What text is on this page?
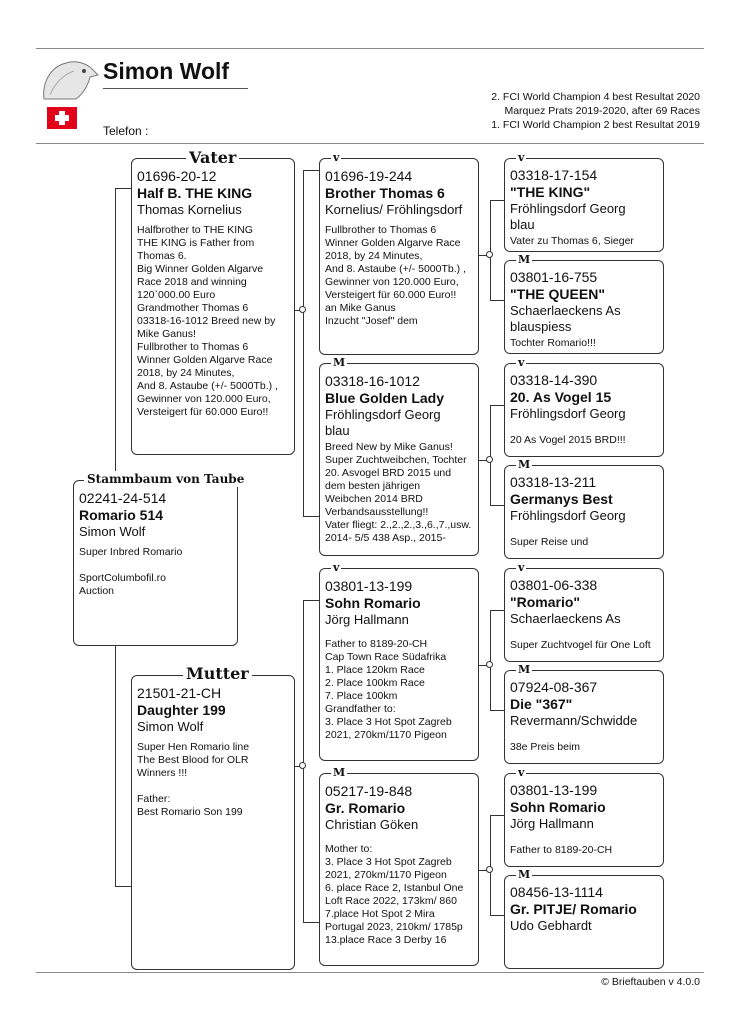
Simon Wolf
Telefon :
2. FCI World Champion 4 best Resultat 2020
Marquez Prats 2019-2020, after 69 Races
1. FCI World Champion 2 best Resultat 2019
02241-24-514
Romario 514
Simon Wolf
Super Inbred Romario

SportColumbofil.ro
Auction
Stammbaum von Taube
01696-20-12
Half B. THE KING
Thomas Kornelius
Halfbrother to THE KING
THE KING is Father from
Thomas 6.
Big Winner Golden Algarve
Race 2018 and winning
120`000.00 Euro
Grandmother Thomas 6
03318-16-1012 Breed new by
Mike Ganus!
Fullbrother to Thomas 6
Winner Golden Algarve Race
2018, by 24 Minutes,
And 8. Astaube (+/- 5000Tb.) ,
Gewinner von 120.000 Euro,
Versteigert für 60.000 Euro!!
Vater
21501-21-CH
Daughter 199
Simon Wolf
Super Hen Romario line
The Best Blood for OLR
Winners !!!

Father:
Best Romario Son 199
Mutter
01696-19-244
Brother Thomas 6
Kornelius/ Fröhlingsdorf
Fullbrother to Thomas 6
Winner Golden Algarve Race
2018, by 24 Minutes,
And 8. Astaube (+/- 5000Tb.) ,
Gewinner von 120.000 Euro,
Versteigert für 60.000 Euro!!
an Mike Ganus
Inzucht "Josef" dem
v
03318-16-1012
Blue Golden Lady
Fröhlingsdorf Georg
blau
Breed New by Mike Ganus!
Super Zuchtweibchen, Tochter
20. Asvogel BRD 2015 und
dem besten jährigen
Weibchen 2014 BRD
Verbandsausstellung!!
Vater fliegt: 2.,2.,2.,3.,6.,7.,usw.
2014- 5/5 438 Asp., 2015-
M
03801-13-199
Sohn Romario
Jörg Hallmann
Father to 8189-20-CH
Cap Town Race Südafrika
1. Place 120km Race
2. Place 100km Race
7. Place 100km
Grandfather to:
3. Place 3 Hot Spot Zagreb
2021, 270km/1170 Pigeon
v
05217-19-848
Gr. Romario
Christian Göken
Mother to:
3. Place 3 Hot Spot Zagreb
2021, 270km/1170 Pigeon
6. place Race 2, Istanbul One
Loft Race 2022, 173km/ 860
7.place Hot Spot 2 Mira
Portugal 2023, 210km/ 1785p
13.place Race 3 Derby 16
M
03318-17-154
"THE KING"
Fröhlingsdorf Georg
blau
Vater zu Thomas 6, Sieger
v
03801-16-755
"THE QUEEN"
Schaerlaeckens As
blauspiess
Tochter Romario!!!
M
03318-14-390
20. As Vogel 15
Fröhlingsdorf Georg
20 As Vogel 2015 BRD!!!
v
03318-13-211
Germanys Best
Fröhlingsdorf Georg
Super Reise und
M
03801-06-338
"Romario"
Schaerlaeckens As
Super Zuchtvogel für One Loft
v
07924-08-367
Die "367"
Revermann/Schwidde
38e Preis beim
M
03801-13-199
Sohn Romario
Jörg Hallmann
Father to 8189-20-CH
v
08456-13-1114
Gr. PITJE/ Romario
Udo Gebhardt
M
© Brieftauben v 4.0.0
